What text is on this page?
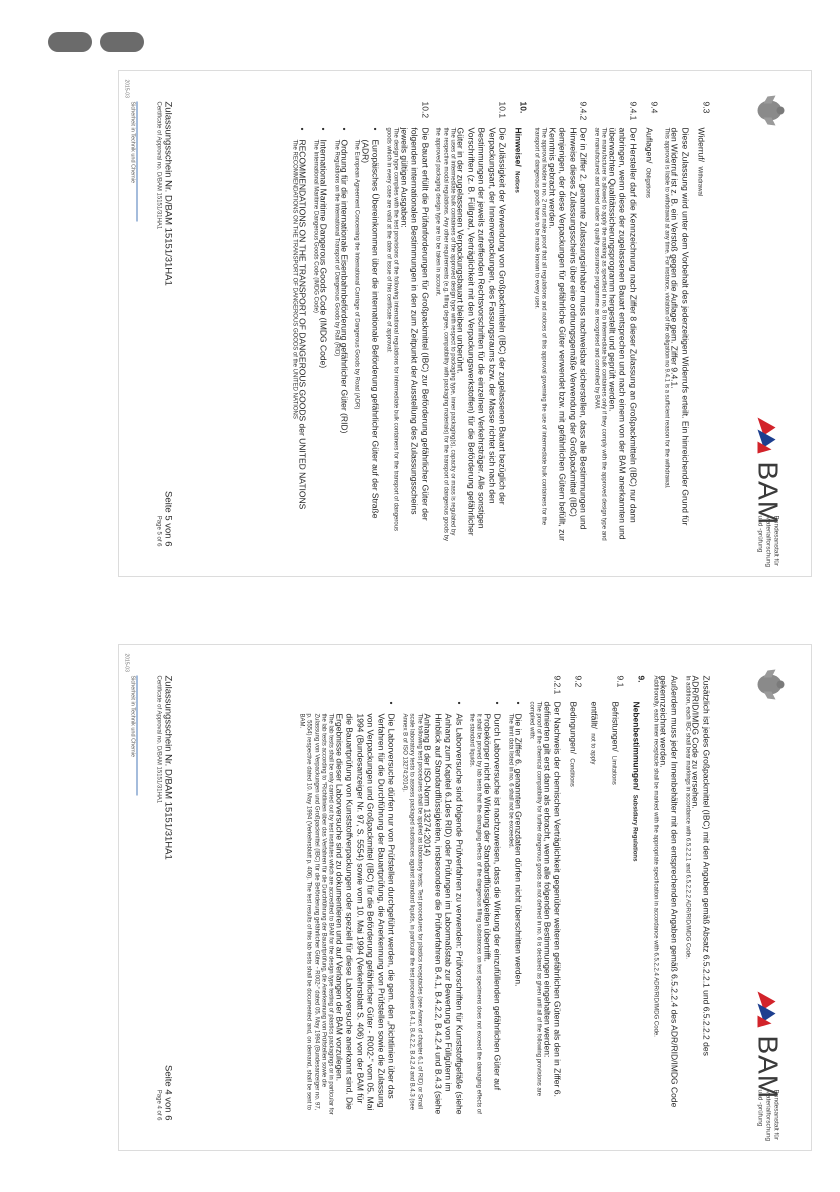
BAM
Bundesanstalt für
Materialforschung
und -prüfung
Zusätzlich ist jedes Großpackmittel (IBC) mit den Angaben gemäß Absatz 6.5.2.2.1 und 6.5.2.2.2 des ADR/RID/IMDG Code zu versehen.
In addition, each IBC shall bear markings in accordance with 6.5.2.2.1 and 6.5.2.2.2 ADR/RID/IMDG Code.
Außerdem muss jeder Innenbehälter mit den entsprechenden Angaben gemäß 6.5.2.2.4 des ADR/RID/IMDG Code gekennzeichnet werden.
Additionally, each inner receptacle shall be marked with the appropriate specification in accordance with 6.5.2.2.4 ADR/RID/IMDG Code.
9.
Nebenbestimmungen/ Subsidiary Regulations
9.1
Befristungen/ Limitations
entfällt/ not to apply
9.2
Bedingungen/ Conditions
9.2.1
Der Nachweis der chemischen Verträglichkeit gegenüber weiteren gefährlichen Gütern als den in Ziffer 6. definierten gilt erst dann als erbracht, wenn alle folgenden Bestimmungen eingehalten werden:
The proof of the chemical compatibility for further dangerous goods as not defined in no. 6 is declared as given until all of the following provisions are complied with:
•
Die in Ziffer 6. genannten Grenzdaten dürfen nicht überschritten werden.
The limit data listed in no. 6 shall not be exceeded.
•
Durch Laborversuche ist nachzuweisen, dass die Wirkung der einzufüllenden gefährlichen Güter auf Probekörper nicht die Wirkung der Standardflüssigkeiten übertrifft.
It shall be proved by lab tests that the damaging effects of the dangerous filling substances on test specimens does not exceed the damaging effects of the standard liquids.
•
Als Laborversuche sind folgende Prüfverfahren zu verwenden: Prüfvorschriften für Kunststoffgefäße (siehe Anhang zum Kapitel 6.1des RID) oder Prüfungen im Labormaßstab zur Bewertung von Füllgütern im Hinblick auf Standardflüssigkeiten, insbesondere die Prüfverfahren B.4.1, B.4.2.2, B.4.2.4 und B.4.3 (siehe Anhang B der ISO-Norm 13274:2014)
The following test procedures shall be applied as laboratory tests: Test procedures for plastics receptacles (see Annex of chapter 6.1 of RID) or Small scale laboratory tests to assess packaged substances against standard liquids, in particular the test procedures B.4.1, B.4.2.2, B.4.2.4 and B.4.3 (see Annex B of ISO 13274:2014).
•
Die Laborversuche dürfen nur von Prüfstellen durchgeführt werden, die gem. den „Richtlinien über das Verfahren für die Durchführung der Bauartprüfung, die Anerkennung von Prüfstellen sowie die Zulassung von Verpackungen und Großpackmittel (IBC) für die Beförderung gefährlicher Güter - R002-“ vom 05. Mai 1994 (Bundesanzeiger Nr. 97, S. 5554) sowie vom 10. Mai 1994 (Verkehrsblatt S. 406) von der BAM für die Bauartprüfung von Kunststoffverpackungen oder speziell für diese Laborversuche anerkannt sind. Die Ergebnisse dieser Laborversuche sind zu dokumentieren und auf Verlangen der BAM vorzulegen.
The lab tests shall be only carried out by test institutes which are accredited to BAM for the design type testing of plastics packagings or in particular for the lab tests according to “Richtlinien über das Verfahren für die Durchführung der Bauartprüfung, die Anerkennung von Prüfstellen sowie die Zulassung von Verpackungen und Großpackmittel (IBC) für die Beförderung gefährlicher Güter - R002-“ dated 05. May 1994 (Bundesanzeiger no. 97, p. 5554) respective dated 10. May 1994 (Verkehrsblatt p. 406). The test results of this lab tests shall be documented and, on demand, shall be sent to BAM.
Zulassungsschein Nr. D/BAM 15151/31HA1
Certificate of Approval no. D/BAM 15151/31HA1
Seite 4 von 6
Page 4 of 6
Sicherheit in Technik und Chemie
2015-03
BAM
Bundesanstalt für
Materialforschung
und -prüfung
9.3
Widerruf/ Withdrawal
Diese Zulassung wird unter dem Vorbehalt des jederzeitigen Widerrufs erteilt. Ein hinreichender Grund für den Widerruf ist z. B. ein Verstoß gegen die Auflage gem. Ziffer 9.4.1.
This approval is liable to withdrawal at any time. For instance, violation of the obligation no 9.4.1 is a sufficient reason for the withdrawal.
9.4
Auflagen/ Obligations
9.4.1
Der Hersteller darf die Kennzeichnung nach Ziffer 8 dieser Zulassung an Großpackmitteln (IBC) nur dann anbringen, wenn diese der zugelassenen Bauart entsprechen und nach einem von der BAM anerkannten und überwachten Qualitätssicherungsprogramm hergestellt und geprüft werden.
The manufacturer is allowed to apply the marking as specified in no. 8 to intermediate bulk containers only if they comply with the approved design type and are manufactured and tested under a quality assurance programme as recognised and controlled by BAM.
9.4.2
Der in Ziffer 2. genannte Zulassungsinhaber muss nachweisbar sicherstellen, dass alle Bestimmungen und Hinweise dieses Zulassungsscheins über eine ordnungsgemäße Verwendung der Großpackmittel (IBC) demjenigen, der diese Verpackungen für gefährliche Güter verwendet bzw. mit gefährlichen Gütern befüllt, zur Kenntnis gebracht werden.
The approval holder in no. 2 must make proof that all regulations and notices of this approval governing the use of intermediate bulk containers for the transport of dangerous goods have to be made known to every user.
10.
Hinweise/ Notices
10.1
Die Zulässigkeit der Verwendung von Großpackmitteln (IBC) der zugelassenen Bauart bezüglich der Verpackungsart, der Innenverpackungen, des Fassungsraums bzw. der Masse richtet sich nach den Bestimmungen der jeweils zutreffenden Rechtsvorschriften für die einzelnen Verkehrsträger. Alle sonstigen Vorschriften (z. B. Füllgrad, Verträglichkeit mit den Verpackungswerkstoffen) für die Beförderung gefährlicher Güter in der zugelassenen Verpackungsbauart bleiben unberührt.
The uses of intermediate bulk containers of the approved design type with respect to packaging type, inner packaging(s), capacity or mass is regulated by the respective modal regulations. Any other requirements (e.g. filling degree, compatibility with packaging materials) for the transport of dangerous goods by the approved packaging design type are to be taken in account.
10.2
Die Bauart erfüllt die Prüfanforderungen für Großpackmittel (IBC) zur Beförderung gefährlicher Güter der folgenden internationalen Bestimmungen in den zum Zeitpunkt der Ausstellung des Zulassungsscheins jeweils gültigen Ausgaben:
The design type complies with the test provisions of the following international regulations for intermediate bulk containers for the transport of dangerous goods which in every case are valid at the date of issue of this certificate of approval:
•
Europäisches Übereinkommen über die internationale Beförderung gefährlicher Güter auf der Straße (ADR)
The European Agreement Concerning the International Carriage of Dangerous Goods by Road (ADR)
•
Ordnung für die internationale Eisenbahnbeförderung gefährlicher Güter (RID)
The Regulations on the International Transport of Dangerous Goods by Rail (RID)
•
International Maritime Dangerous Goods Code (IMDG Code)
The International Maritime Dangerous Goods Code (IMDG Code)
•
RECOMMENDATIONS ON THE TRANSPORT OF DANGEROUS GOODS der UNITED NATIONS
The RECOMMENDATIONS ON THE TRANSPORT OF DANGEROUS GOODS of the UNITED NATIONS
Zulassungsschein Nr. D/BAM 15151/31HA1
Certificate of Approval no. D/BAM 15151/31HA1
Seite 5 von 6
Page 5 of 6
Sicherheit in Technik und Chemie
2015-03
